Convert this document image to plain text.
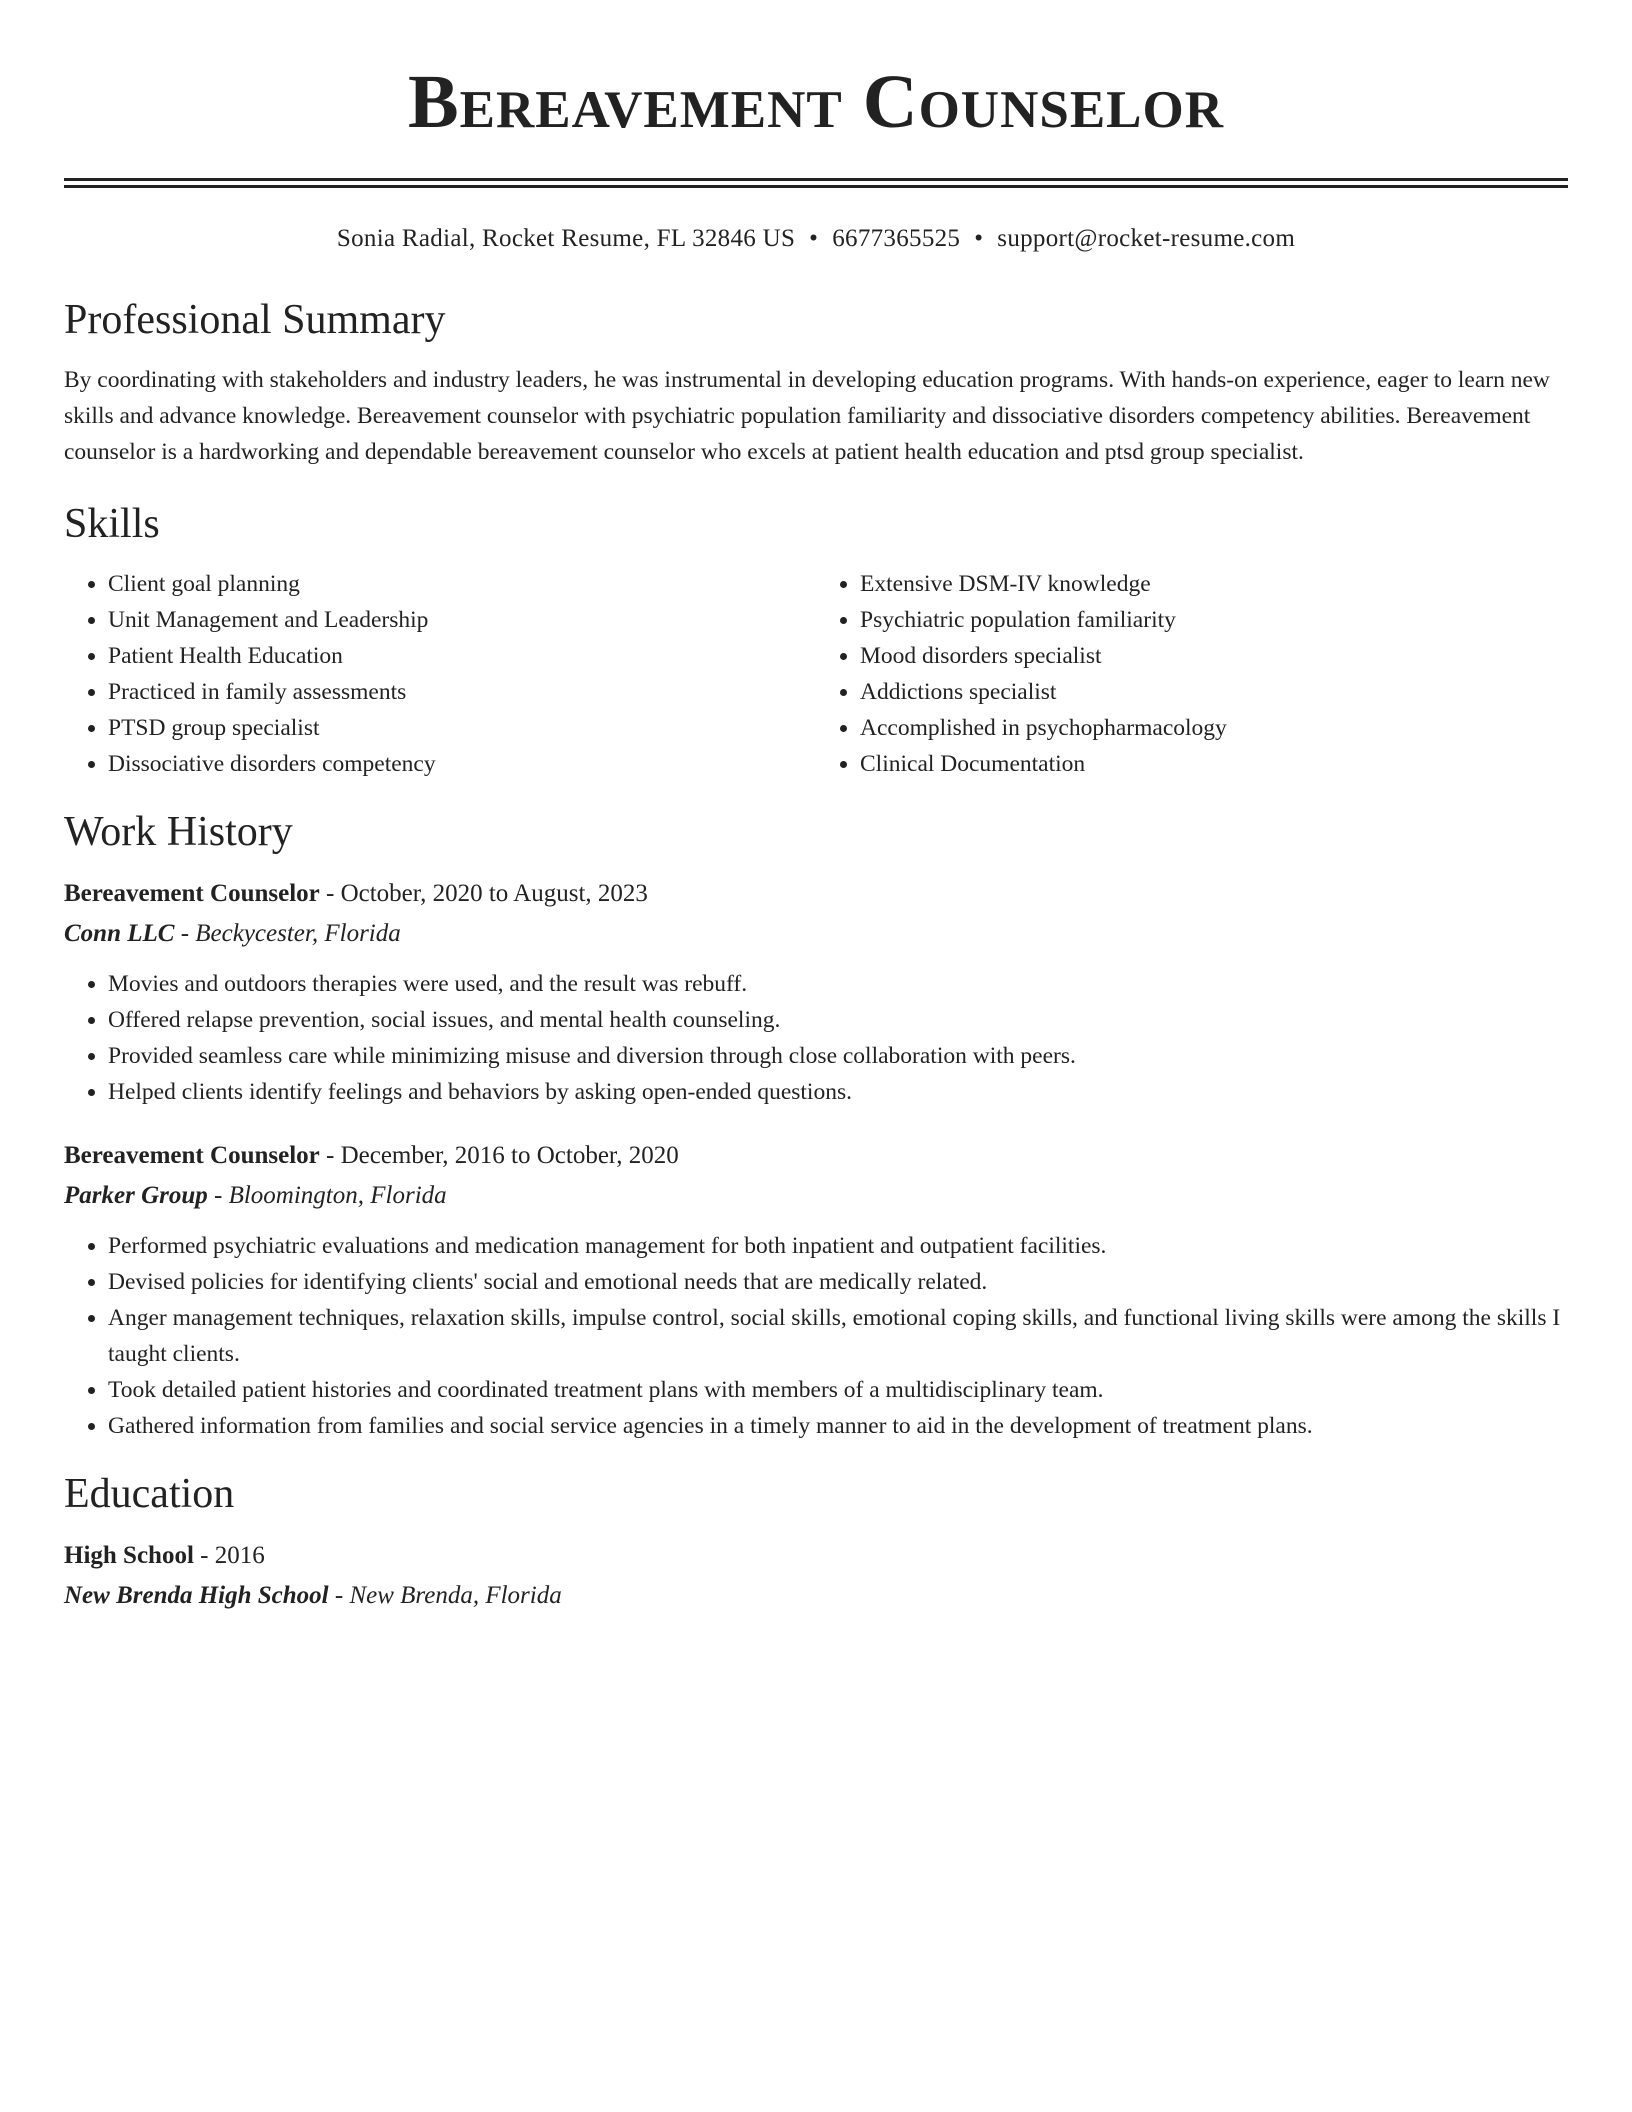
Bereavement Counselor
Sonia Radial, Rocket Resume, FL 32846 US • 6677365525 • support@rocket-resume.com
Professional Summary
By coordinating with stakeholders and industry leaders, he was instrumental in developing education programs. With hands-on experience, eager to learn new skills and advance knowledge. Bereavement counselor with psychiatric population familiarity and dissociative disorders competency abilities. Bereavement counselor is a hardworking and dependable bereavement counselor who excels at patient health education and ptsd group specialist.
Skills
• Client goal planning
• Unit Management and Leadership
• Patient Health Education
• Practiced in family assessments
• PTSD group specialist
• Dissociative disorders competency
• Extensive DSM-IV knowledge
• Psychiatric population familiarity
• Mood disorders specialist
• Addictions specialist
• Accomplished in psychopharmacology
• Clinical Documentation
Work History
Bereavement Counselor - October, 2020 to August, 2023
Conn LLC - Beckycester, Florida
• Movies and outdoors therapies were used, and the result was rebuff.
• Offered relapse prevention, social issues, and mental health counseling.
• Provided seamless care while minimizing misuse and diversion through close collaboration with peers.
• Helped clients identify feelings and behaviors by asking open-ended questions.
Bereavement Counselor - December, 2016 to October, 2020
Parker Group - Bloomington, Florida
• Performed psychiatric evaluations and medication management for both inpatient and outpatient facilities.
• Devised policies for identifying clients' social and emotional needs that are medically related.
• Anger management techniques, relaxation skills, impulse control, social skills, emotional coping skills, and functional living skills were among the skills I taught clients.
• Took detailed patient histories and coordinated treatment plans with members of a multidisciplinary team.
• Gathered information from families and social service agencies in a timely manner to aid in the development of treatment plans.
Education
High School - 2016
New Brenda High School - New Brenda, Florida
